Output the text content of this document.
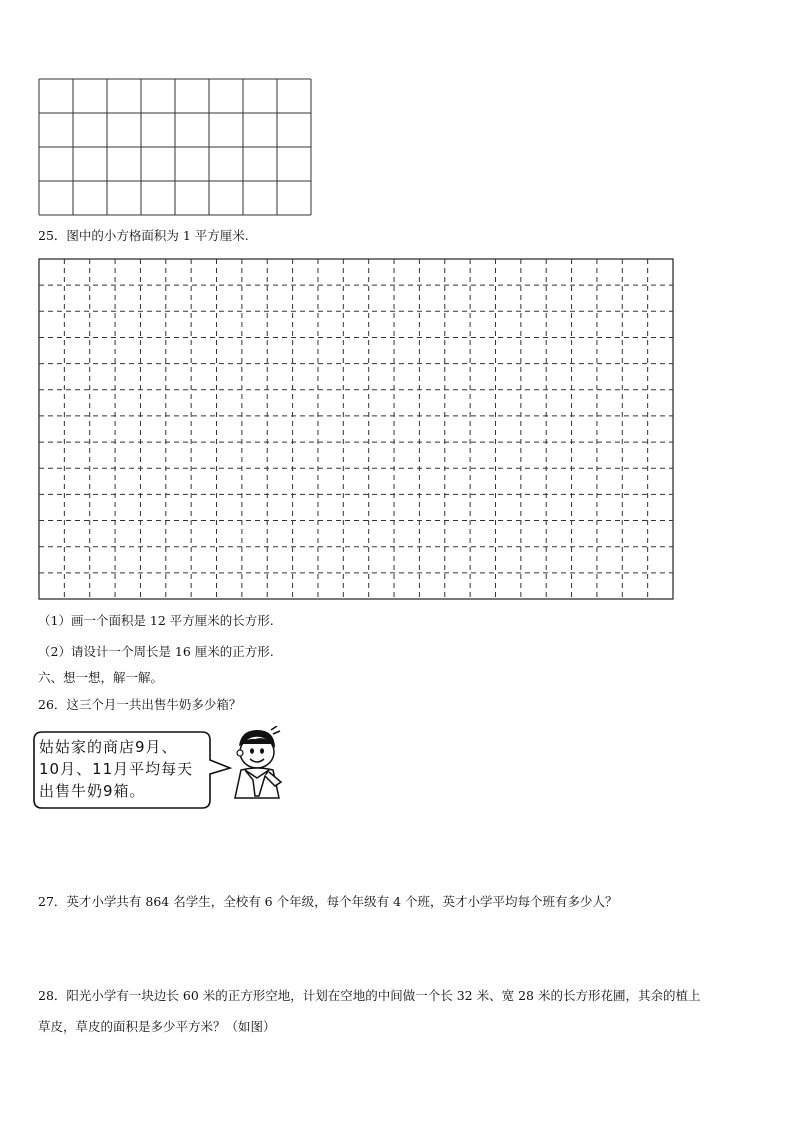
25．图中的小方格面积为 1 平方厘米.
（1）画一个面积是 12 平方厘米的长方形.
（2）请设计一个周长是 16 厘米的正方形.
六、想一想，解一解。
26．这三个月一共出售牛奶多少箱？
姑姑家的商店9月、
10月、11月平均每天
出售牛奶9箱。
27．英才小学共有 864 名学生，全校有 6 个年级，每个年级有 4 个班，英才小学平均每个班有多少人？
28．阳光小学有一块边长 60 米的正方形空地，计划在空地的中间做一个长 32 米、宽 28 米的长方形花圃，其余的植上
草皮，草皮的面积是多少平方米？（如图）
